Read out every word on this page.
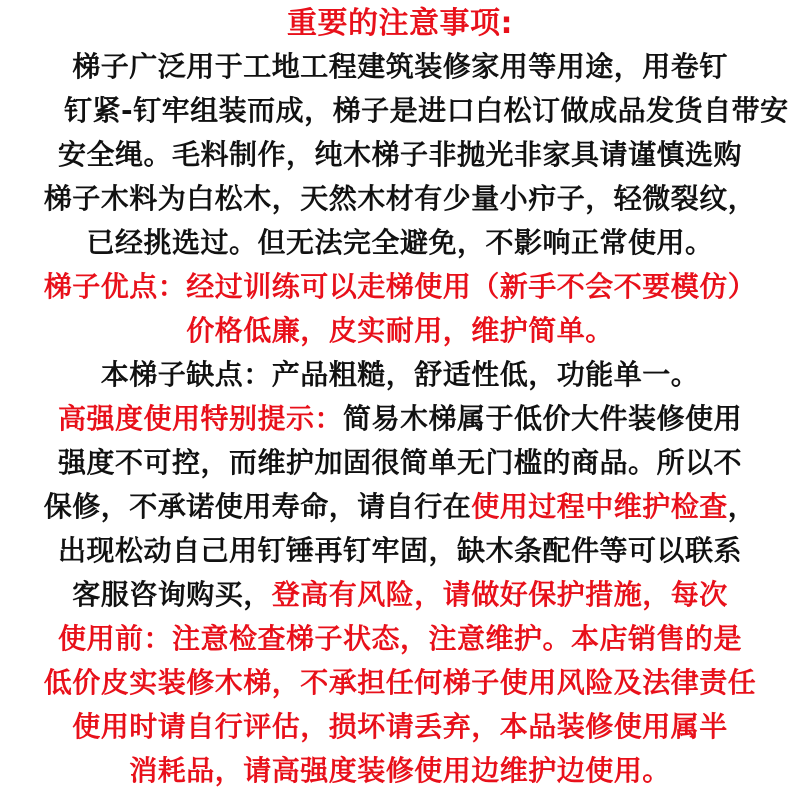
重要的注意事项:
梯子广泛用于工地工程建筑装修家用等用途，用卷钉
钉紧-钉牢组装而成，梯子是进口白松订做成品发货自带安
安全绳。毛料制作，纯木梯子非抛光非家具请谨慎选购
梯子木料为白松木，天然木材有少量小疖子，轻微裂纹，
已经挑选过。但无法完全避免，不影响正常使用。
梯子优点：经过训练可以走梯使用（新手不会不要模仿）
价格低廉，皮实耐用，维护简单。
本梯子缺点：产品粗糙，舒适性低，功能单一。
高强度使用特别提示：简易木梯属于低价大件装修使用
强度不可控，而维护加固很简单无门槛的商品。所以不
保修，不承诺使用寿命，请自行在使用过程中维护检查，
出现松动自己用钉锤再钉牢固，缺木条配件等可以联系
客服咨询购买，登高有风险，请做好保护措施，每次
使用前：注意检查梯子状态，注意维护。本店销售的是
低价皮实装修木梯，不承担任何梯子使用风险及法律责任
使用时请自行评估，损坏请丢弃，本品装修使用属半
消耗品，请高强度装修使用边维护边使用。
